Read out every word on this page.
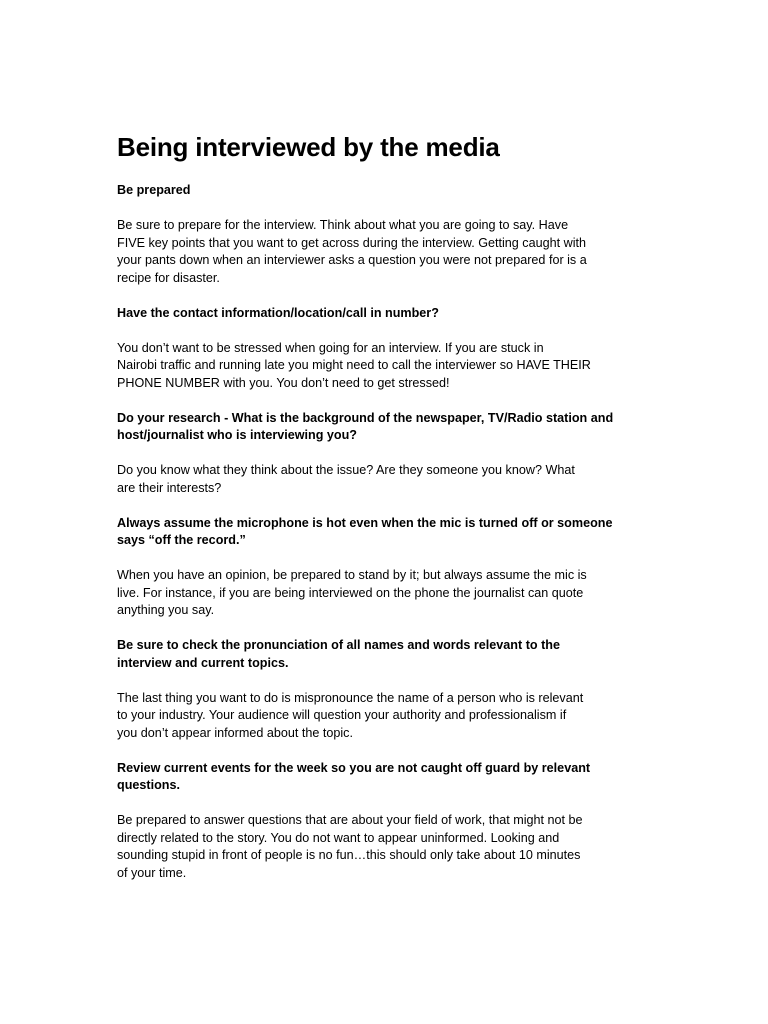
Being interviewed by the media

Be prepared

Be sure to prepare for the interview. Think about what you are going to say. Have
FIVE key points that you want to get across during the interview. Getting caught with
your pants down when an interviewer asks a question you were not prepared for is a
recipe for disaster.

Have the contact information/location/call in number?

You don’t want to be stressed when going for an interview. If you are stuck in
Nairobi traffic and running late you might need to call the interviewer so HAVE THEIR
PHONE NUMBER with you. You don’t need to get stressed!

Do your research - What is the background of the newspaper, TV/Radio station and
host/journalist who is interviewing you?

Do you know what they think about the issue? Are they someone you know? What
are their interests?

Always assume the microphone is hot even when the mic is turned off or someone
says “off the record.”

When you have an opinion, be prepared to stand by it; but always assume the mic is
live. For instance, if you are being interviewed on the phone the journalist can quote
anything you say.

Be sure to check the pronunciation of all names and words relevant to the
interview and current topics.

The last thing you want to do is mispronounce the name of a person who is relevant
to your industry. Your audience will question your authority and professionalism if
you don’t appear informed about the topic.

Review current events for the week so you are not caught off guard by relevant
questions.

Be prepared to answer questions that are about your field of work, that might not be
directly related to the story. You do not want to appear uninformed. Looking and
sounding stupid in front of people is no fun…this should only take about 10 minutes
of your time.
